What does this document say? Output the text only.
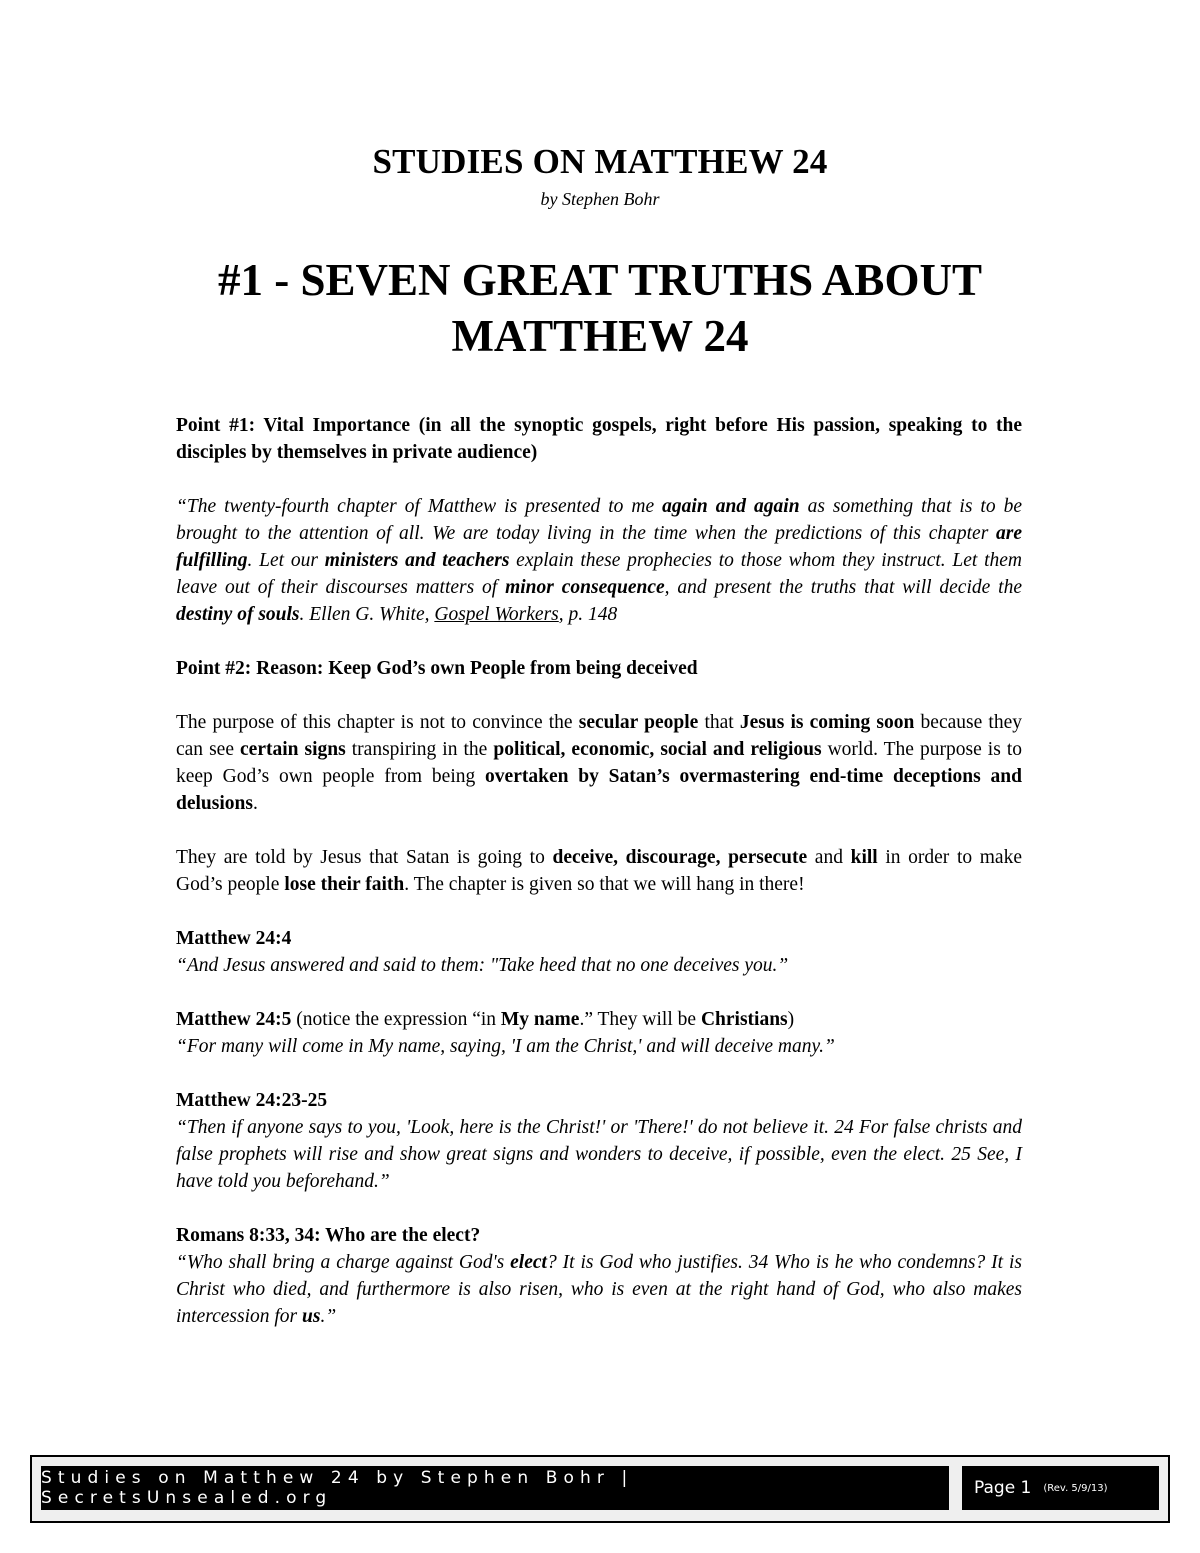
STUDIES ON MATTHEW 24
by Stephen Bohr
#1 - SEVEN GREAT TRUTHS ABOUT
MATTHEW 24

Point #1: Vital Importance (in all the synoptic gospels, right before His passion, speaking to the disciples by themselves in private audience)

“The twenty-fourth chapter of Matthew is presented to me again and again as something that is to be brought to the attention of all. We are today living in the time when the predictions of this chapter are fulfilling. Let our ministers and teachers explain these prophecies to those whom they instruct. Let them leave out of their discourses matters of minor consequence, and present the truths that will decide the destiny of souls. Ellen G. White, Gospel Workers, p. 148

Point #2: Reason: Keep God’s own People from being deceived

The purpose of this chapter is not to convince the secular people that Jesus is coming soon because they can see certain signs transpiring in the political, economic, social and religious world. The purpose is to keep God’s own people from being overtaken by Satan’s overmastering end-time deceptions and delusions.

They are told by Jesus that Satan is going to deceive, discourage, persecute and kill in order to make God’s people lose their faith. The chapter is given so that we will hang in there!

Matthew 24:4

“And Jesus answered and said to them: "Take heed that no one deceives you.”

Matthew 24:5 (notice the expression “in My name.” They will be Christians)

“For many will come in My name, saying, 'I am the Christ,' and will deceive many.”

Matthew 24:23-25

“Then if anyone says to you, 'Look, here is the Christ!' or 'There!' do not believe it. 24 For false christs and false prophets will rise and show great signs and wonders to deceive, if possible, even the elect. 25 See, I have told you beforehand.”

Romans 8:33, 34: Who are the elect?

“Who shall bring a charge against God's elect? It is God who justifies. 34 Who is he who condemns? It is Christ who died, and furthermore is also risen, who is even at the right hand of God, who also makes intercession for us.”

Studies on Matthew 24 by Stephen Bohr | SecretsUnsealed.org	Page 1 (Rev. 5/9/13)
